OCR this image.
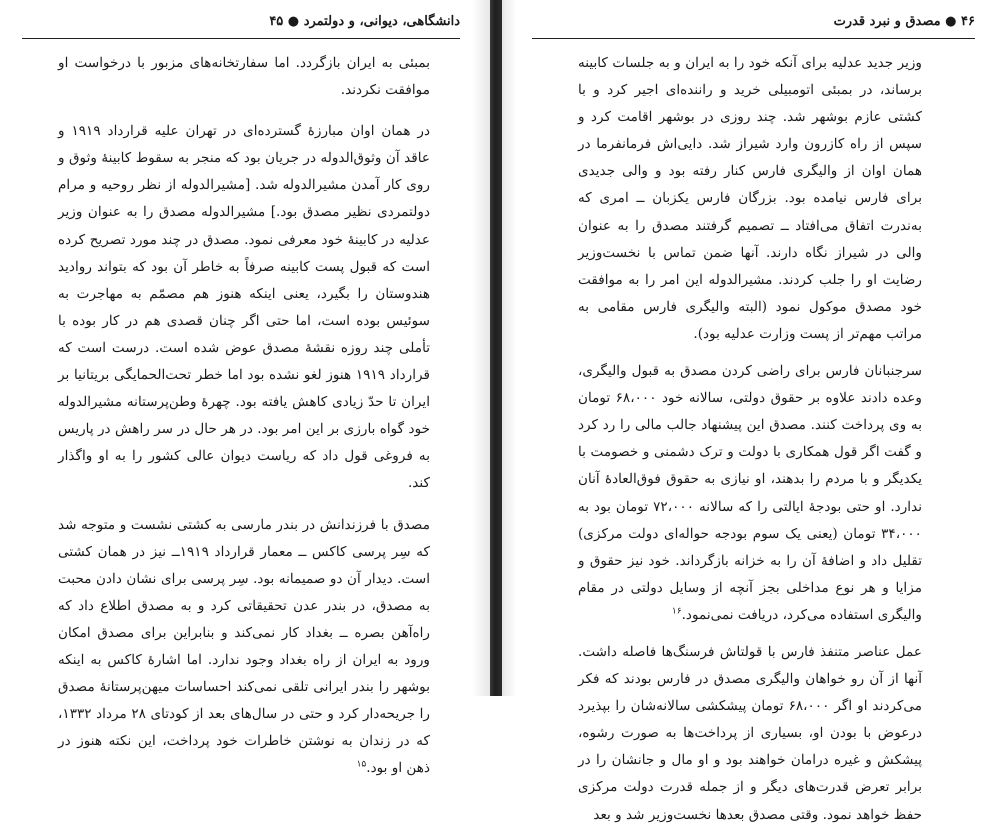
دانشگاهی، دیوانی، و دولتمرد ● ۴۵

بمبئی به ایران بازگردد. اما سفارتخانه‌های مزبور با درخواست او موافقت نکردند.

در همان اوان مبارزهٔ گسترده‌ای در تهران علیه قرارداد ۱۹۱۹ و عاقد آن وثوق‌الدوله در جریان بود که منجر به سقوط کابینهٔ وثوق و روی کار آمدن مشیرالدوله شد. [مشیرالدوله از نظر روحیه و مرام دولتمردی نظیر مصدق بود.] مشیرالدوله مصدق را به عنوان وزیر عدلیه در کابینهٔ خود معرفی نمود. مصدق در چند مورد تصریح کرده است که قبول پست کابینه صرفاً به خاطر آن بود که بتواند روادید هندوستان را بگیرد، یعنی اینکه هنوز هم مصمّم به مهاجرت به سوئیس بوده است، اما حتی اگر چنان قصدی هم در کار بوده با تأملی چند روزه نقشهٔ مصدق عوض شده است. درست است که قرارداد ۱۹۱۹ هنوز لغو نشده بود اما خطر تحت‌الحمایگی بریتانیا بر ایران تا حدّ زیادی کاهش یافته بود. چهرهٔ وطن‌پرستانه مشیرالدوله خود گواه بارزی بر این امر بود. در هر حال در سر راهش در پاریس به فروغی قول داد که ریاست دیوان عالی کشور را به او واگذار کند.

مصدق با فرزندانش در بندر مارسی به کشتی نشست و متوجه شد که سِر پرسی کاکس ــ معمار قرارداد ۱۹۱۹ــ نیز در همان کشتی است. دیدار آن دو صمیمانه بود. سِر پرسی برای نشان دادن محبت به مصدق، در بندر عدن تحقیقاتی کرد و به مصدق اطلاع داد که راه‌آهن بصره ــ بغداد کار نمی‌کند و بنابراین برای مصدق امکان ورود به ایران از راه بغداد وجود ندارد. اما اشارهٔ کاکس به اینکه بوشهر را بندر ایرانی تلقی نمی‌کند احساسات میهن‌پرستانهٔ مصدق را جریحه‌دار کرد و حتی در سال‌های بعد از کودتای ۲۸ مرداد ۱۳۳۲، که در زندان به نوشتن خاطرات خود پرداخت، این نکته هنوز در ذهن او بود.$^{۱۵}$

۴۶ ● مصدق و نبرد قدرت

وزیر جدید عدلیه برای آنکه خود را به ایران و به جلسات کابینه برساند، در بمبئی اتومبیلی خرید و راننده‌ای اجیر کرد و با کشتی عازم بوشهر شد. چند روزی در بوشهر اقامت کرد و سپس از راه کازرون وارد شیراز شد. دایی‌اش فرمانفرما در همان اوان از والیگری فارس کنار رفته بود و والی جدیدی برای فارس نیامده بود. بزرگان فارس یکزبان ــ امری که به‌ندرت اتفاق می‌افتاد ــ تصمیم گرفتند مصدق را به عنوان والی در شیراز نگاه دارند. آنها ضمن تماس با نخست‌وزیر رضایت او را جلب کردند. مشیرالدوله این امر را به موافقت خود مصدق موکول نمود (البته والیگری فارس مقامی به مراتب مهم‌تر از پست وزارت عدلیه بود).

سرجنبانان فارس برای راضی کردن مصدق به قبول والیگری، وعده دادند علاوه بر حقوق دولتی، سالانه خود ۶۸،۰۰۰ تومان به وی پرداخت کنند. مصدق این پیشنهاد جالب مالی را رد کرد و گفت اگر قول همکاری با دولت و ترک دشمنی و خصومت با یکدیگر و با مردم را بدهند، او نیازی به حقوق فوق‌العادهٔ آنان ندارد. او حتی بودجهٔ ایالتی را که سالانه ۷۲،۰۰۰ تومان بود به ۳۴،۰۰۰ تومان (یعنی یک سوم بودجه حواله‌ای دولت مرکزی) تقلیل داد و اضافهٔ آن را به خزانه بازگرداند. خود نیز حقوق و مزایا و هر نوع مداخلی بجز آنچه از وسایل دولتی در مقام والیگری استفاده می‌کرد، دریافت نمی‌نمود.$^{۱۶}$

عمل عناصر متنفذ فارس با قولتاش فرسنگ‌ها فاصله داشت. آنها از آن رو خواهان والیگری مصدق در فارس بودند که فکر می‌کردند او اگر ۶۸،۰۰۰ تومان پیشکشی سالانه‌شان را بپذیرد درعوض با بودن او، بسیاری از پرداخت‌ها به صورت رشوه، پیشکش و غیره درامان خواهند بود و او مال و جانشان را در برابر تعرض قدرت‌های دیگر و از جمله قدرت دولت مرکزی حفظ خواهد نمود. وقتی مصدق بعدها نخست‌وزیر شد و بعد
